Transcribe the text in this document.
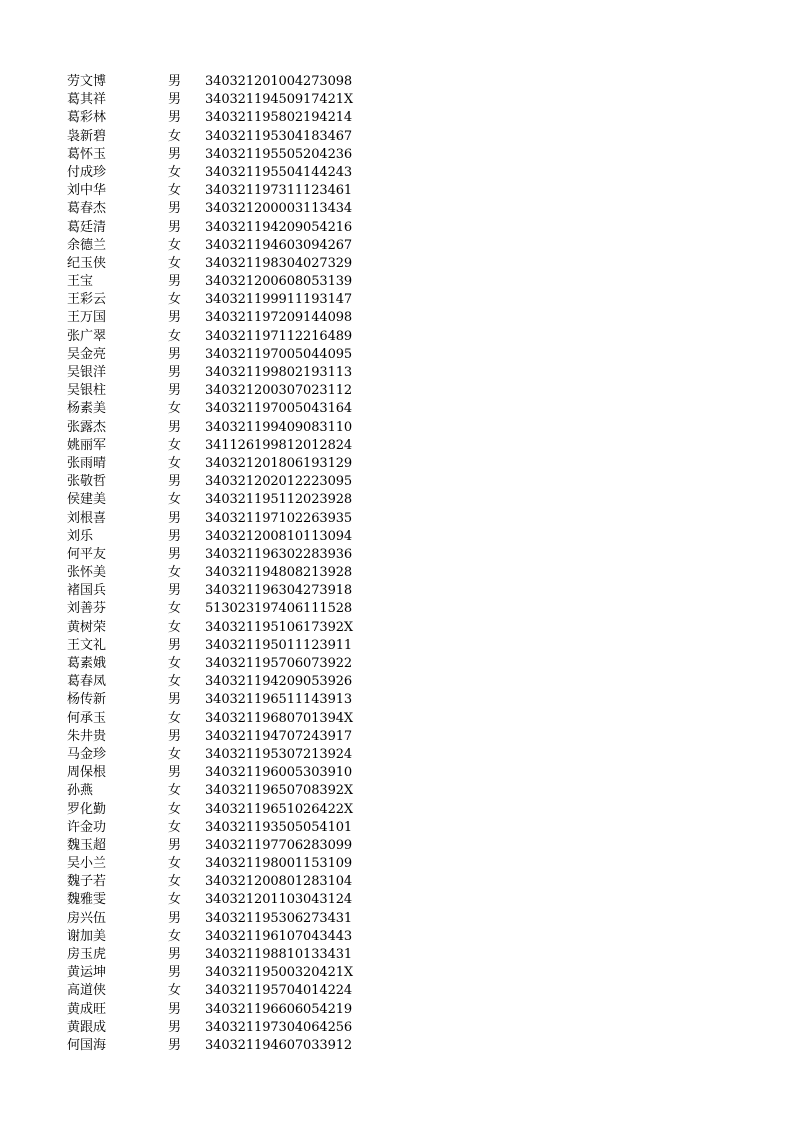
劳文博	男 340321201004273098
葛其祥	男 34032119450917421X
葛彩林	男 340321195802194214
袅新碧	女 340321195304183467
葛怀玉	男 340321195505204236
付成珍	女 340321195504144243
刘中华	女 340321197311123461
葛春杰	男 340321200003113434
葛廷清	男 340321194209054216
余德兰	女 340321194603094267
纪玉侠	女 340321198304027329
王宝	男 340321200608053139
王彩云	女 340321199911193147
王万国	男 340321197209144098
张广翠	女 340321197112216489
吴金亮	男 340321197005044095
吴银洋	男 340321199802193113
吴银柱	男 340321200307023112
杨素美	女 340321197005043164
张露杰	男 340321199409083110
姚丽军	女 341126199812012824
张雨晴	女 340321201806193129
张敬哲	男 340321202012223095
侯建美	女 340321195112023928
刘根喜	男 340321197102263935
刘乐	男 340321200810113094
何平友	男 340321196302283936
张怀美	女 340321194808213928
褚国兵	男 340321196304273918
刘善芬	女 513023197406111528
黄树荣	女 34032119510617392X
王文礼	男 340321195011123911
葛素娥	女 340321195706073922
葛春凤	女 340321194209053926
杨传新	男 340321196511143913
何承玉	女 34032119680701394X
朱井贵	男 340321194707243917
马金珍	女 340321195307213924
周保根	男 340321196005303910
孙燕	女 34032119650708392X
罗化勤	女 34032119651026422X
许金功	女 340321193505054101
魏玉超	男 340321197706283099
吴小兰	女 340321198001153109
魏子若	女 340321200801283104
魏雅雯	女 340321201103043124
房兴伍	男 340321195306273431
谢加美	女 340321196107043443
房玉虎	男 340321198810133431
黄运坤	男 34032119500320421X
高道侠	女 340321195704014224
黄成旺	男 340321196606054219
黄跟成	男 340321197304064256
何国海	男 340321194607033912
